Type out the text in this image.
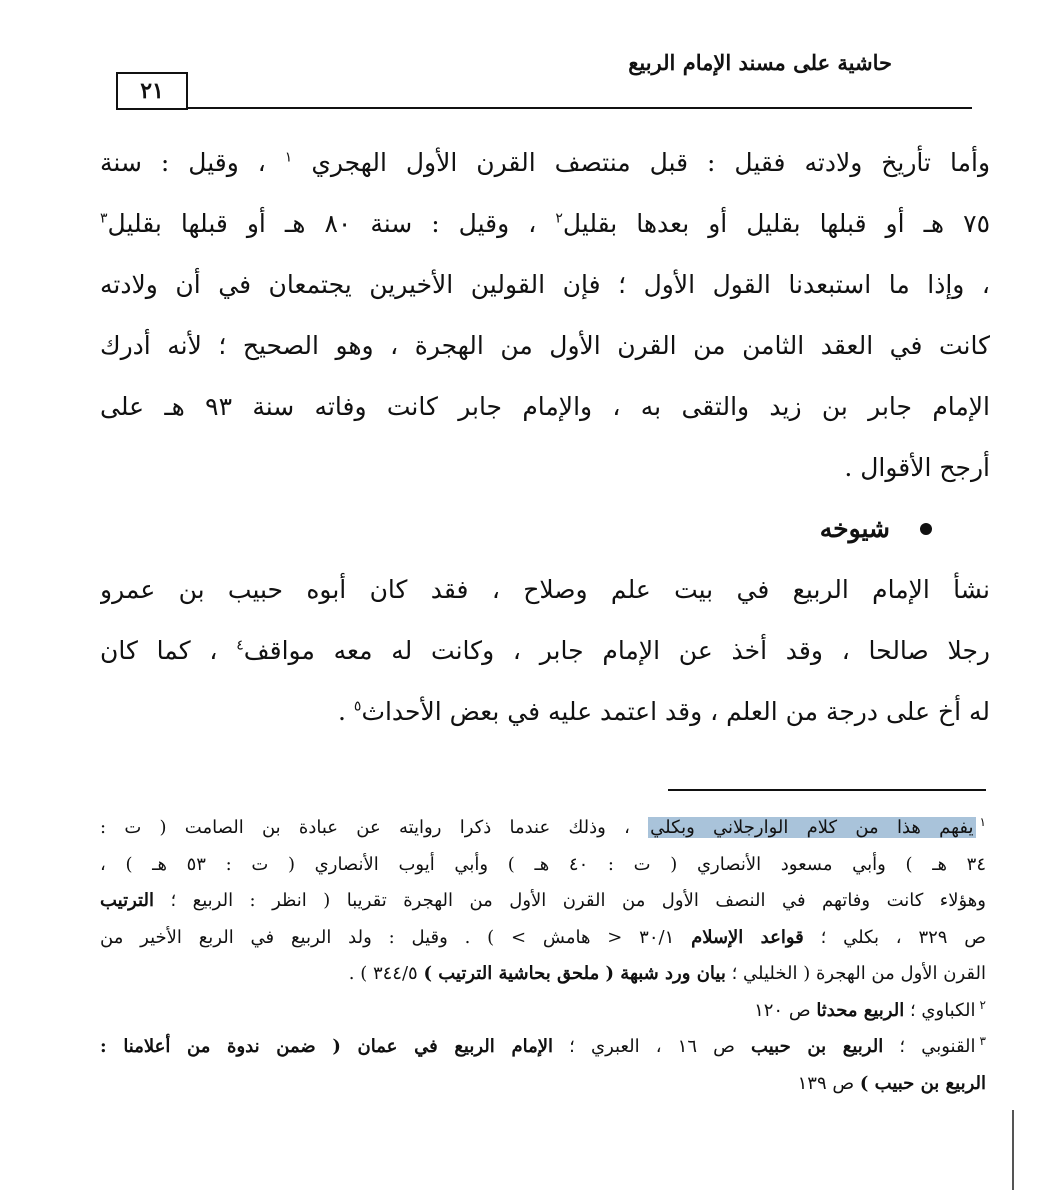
٢١
حاشية على مسند الإمام الربيع
وأما تأريخ ولادته فقيل : قبل منتصف القرن الأول الهجري $^١$ ، وقيل : سنة
٧٥ هـ أو قبلها بقليل أو بعدها بقليل$^٢$ ، وقيل : سنة ٨٠ هـ أو قبلها بقليل$^٣$
، وإذا ما استبعدنا القول الأول ؛ فإن القولين الأخيرين يجتمعان في أن ولادته
كانت في العقد الثامن من القرن الأول من الهجرة ، وهو الصحيح ؛ لأنه أدرك
الإمام جابر بن زيد والتقى به ، والإمام جابر كانت وفاته سنة ٩٣ هـ على
أرجح الأقوال .
شيوخه
نشأ الإمام الربيع في بيت علم وصلاح ، فقد كان أبوه حبيب بن عمرو
رجلا صالحا ، وقد أخذ عن الإمام جابر ، وكانت له معه مواقف$^٤$ ، كما كان
له أخ على درجة من العلم ، وقد اعتمد عليه في بعض الأحداث$^٥$ .
$^١$يفهم هذا من كلام الوارجلاني وبكلي ، وذلك عندما ذكرا روايته عن عبادة بن الصامت ( ت :
٣٤ هـ ) وأبي مسعود الأنصاري ( ت : ٤٠ هـ ) وأبي أيوب الأنصاري ( ت : ٥٣ هـ ) ،
وهؤلاء كانت وفاتهم في النصف الأول من القرن الأول من الهجرة تقريبا ( انظر : الربيع ؛ الترتيب
ص ٣٢٩ ، بكلي ؛ قواعد الإسلام ٣٠/١ < هامش > ) . وقيل : ولد الربيع في الربع الأخير من
القرن الأول من الهجرة ( الخليلي ؛ بيان ورد شبهة ( ملحق بحاشية الترتيب ) ٣٤٤/٥ ) .
$^٢$الكباوي ؛ الربيع محدثا ص ١٢٠
$^٣$القنوبي ؛ الربيع بن حبيب ص ١٦ ، العبري ؛ الإمام الربيع في عمان ( ضمن ندوة من أعلامنا :
الربيع بن حبيب ) ص ١٣٩
